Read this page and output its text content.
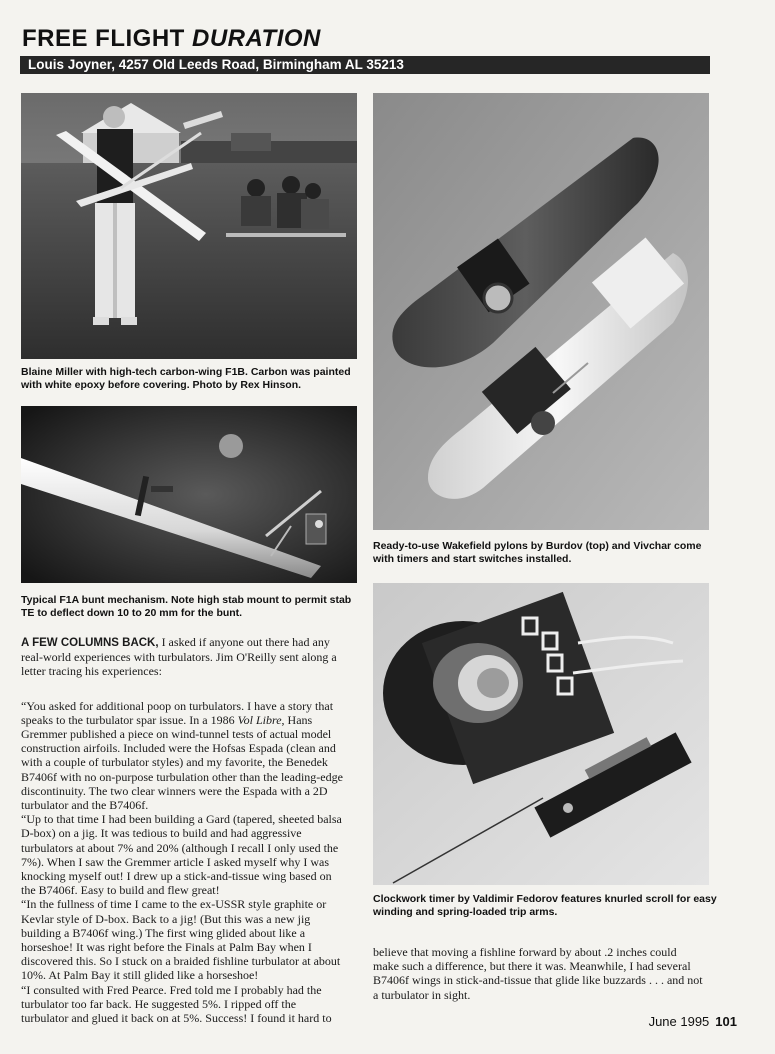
FREE FLIGHT DURATION
Louis Joyner, 4257 Old Leeds Road, Birmingham AL 35213
Blaine Miller with high-tech carbon-wing F1B. Carbon was painted with white epoxy before covering. Photo by Rex Hinson.
Typical F1A bunt mechanism. Note high stab mount to permit stab TE to deflect down 10 to 20 mm for the bunt.
Ready-to-use Wakefield pylons by Burdov (top) and Vivchar come with timers and start switches installed.
Clockwork timer by Valdimir Fedorov features knurled scroll for easy winding and spring-loaded trip arms.

A FEW COLUMNS BACK, I asked if anyone out there had any real-world experiences with turbulators. Jim O'Reilly sent along a letter tracing his experiences:

“You asked for additional poop on turbulators. I have a story that speaks to the turbulator spar issue. In a 1986 Vol Libre, Hans Gremmer published a piece on wind-tunnel tests of actual model construction airfoils. Included were the Hofsas Espada (clean and with a couple of turbulator styles) and my favorite, the Benedek B7406f with no on-purpose turbulation other than the leading-edge discontinuity. The two clear winners were the Espada with a 2D turbulator and the B7406f.

“Up to that time I had been building a Gard (tapered, sheeted balsa D-box) on a jig. It was tedious to build and had aggressive turbulators at about 7% and 20% (although I recall I only used the 7%). When I saw the Gremmer article I asked myself why I was knocking myself out! I drew up a stick-and-tissue wing based on the B7406f. Easy to build and flew great!

“In the fullness of time I came to the ex-USSR style graphite or Kevlar style of D-box. Back to a jig! (But this was a new jig building a B7406f wing.) The first wing glided about like a horseshoe! It was right before the Finals at Palm Bay when I discovered this. So I stuck on a braided fishline turbulator at about 10%. At Palm Bay it still glided like a horseshoe!

“I consulted with Fred Pearce. Fred told me I probably had the turbulator too far back. He suggested 5%. I ripped off the turbulator and glued it back on at 5%. Success! I found it hard to

believe that moving a fishline forward by about .2 inches could make such a difference, but there it was. Meanwhile, I had several B7406f wings in stick-and-tissue that glide like buzzards . . . and not a turbulator in sight.

June 1995 101
